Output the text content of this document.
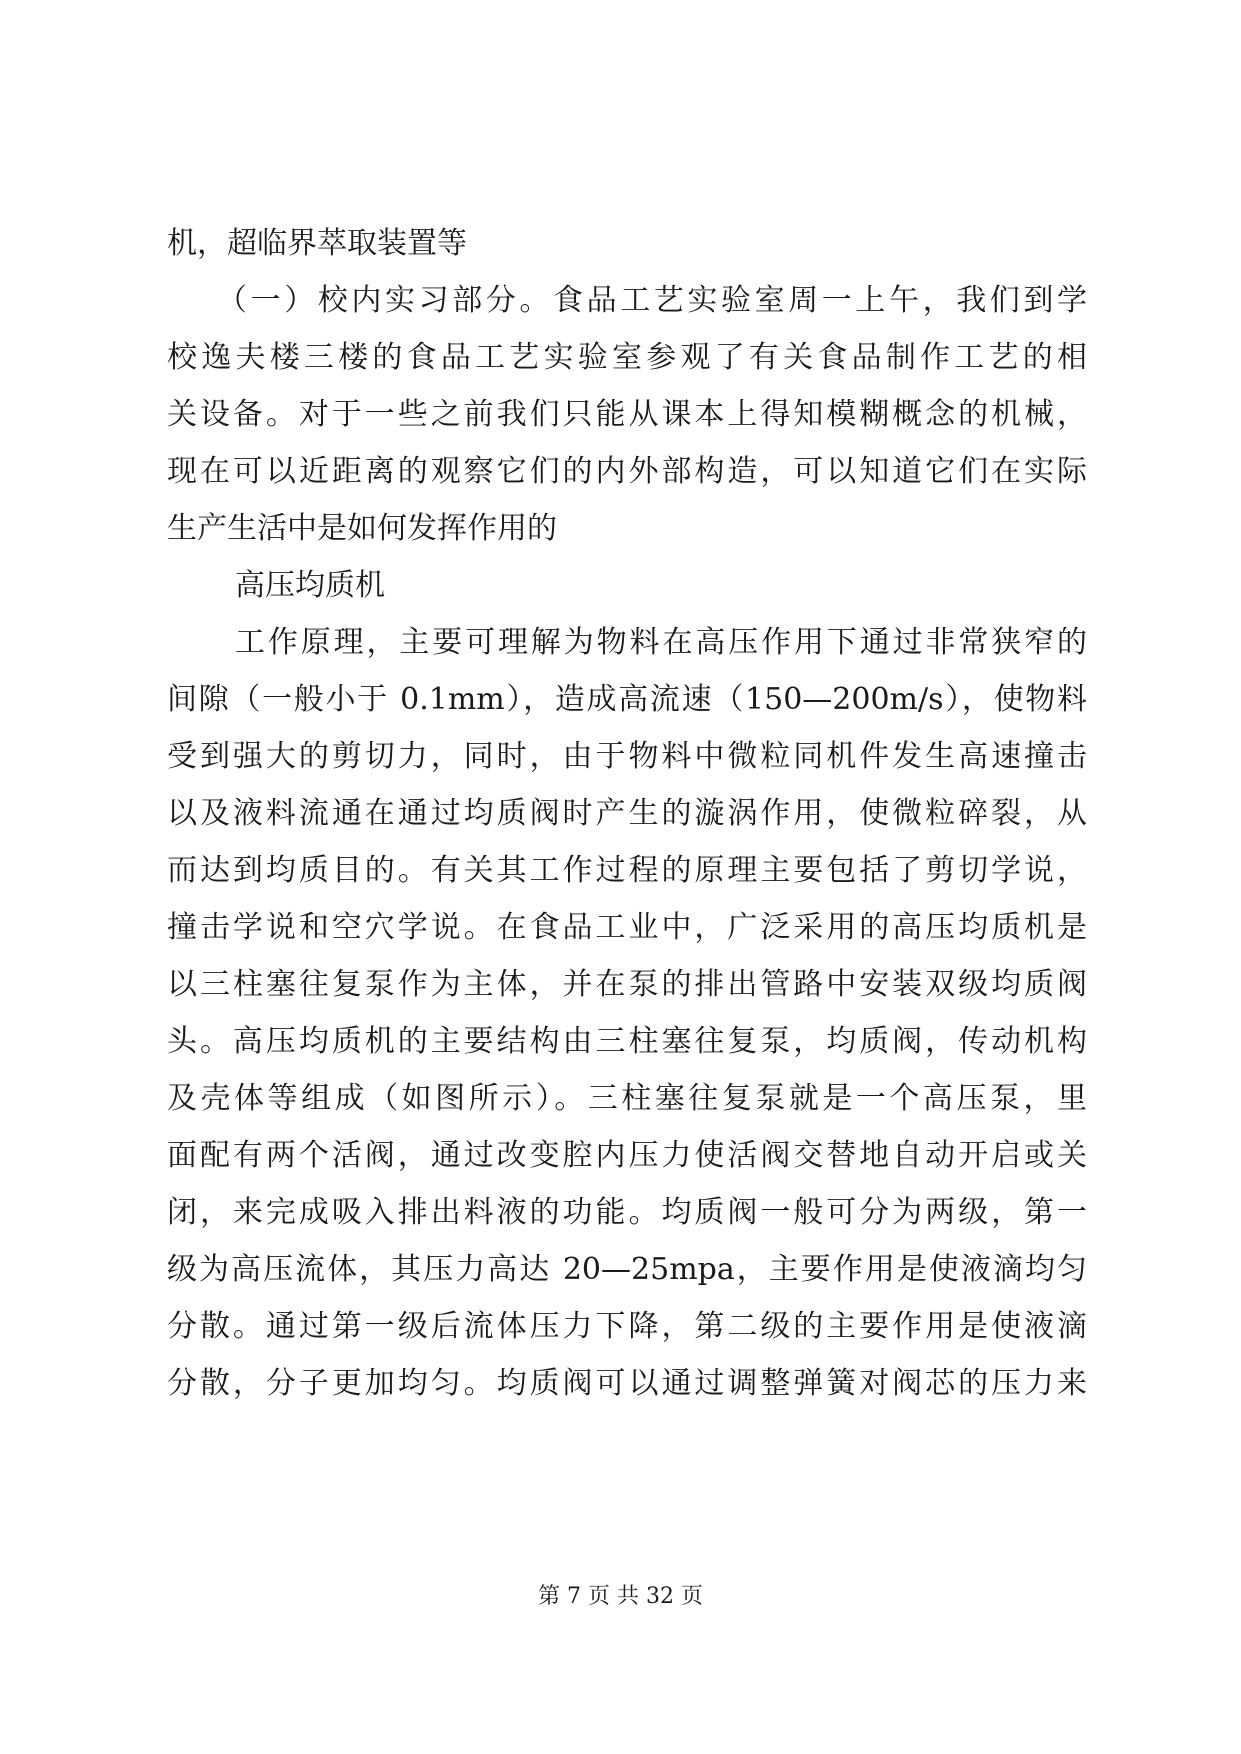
机，超临界萃取装置等
（一）校内实习部分。食品工艺实验室周一上午，我们到学
校逸夫楼三楼的食品工艺实验室参观了有关食品制作工艺的相
关设备。对于一些之前我们只能从课本上得知模糊概念的机械，
现在可以近距离的观察它们的内外部构造，可以知道它们在实际
生产生活中是如何发挥作用的
高压均质机
工作原理，主要可理解为物料在高压作用下通过非常狭窄的
间隙（一般小于 0.1mm），造成高流速（150—200m/s），使物料
受到强大的剪切力，同时，由于物料中微粒同机件发生高速撞击
以及液料流通在通过均质阀时产生的漩涡作用，使微粒碎裂，从
而达到均质目的。有关其工作过程的原理主要包括了剪切学说，
撞击学说和空穴学说。在食品工业中，广泛采用的高压均质机是
以三柱塞往复泵作为主体，并在泵的排出管路中安装双级均质阀
头。高压均质机的主要结构由三柱塞往复泵，均质阀，传动机构
及壳体等组成（如图所示）。三柱塞往复泵就是一个高压泵，里
面配有两个活阀，通过改变腔内压力使活阀交替地自动开启或关
闭，来完成吸入排出料液的功能。均质阀一般可分为两级，第一
级为高压流体，其压力高达 20—25mpa，主要作用是使液滴均匀
分散。通过第一级后流体压力下降，第二级的主要作用是使液滴
分散，分子更加均匀。均质阀可以通过调整弹簧对阀芯的压力来
第 7 页 共 32 页
